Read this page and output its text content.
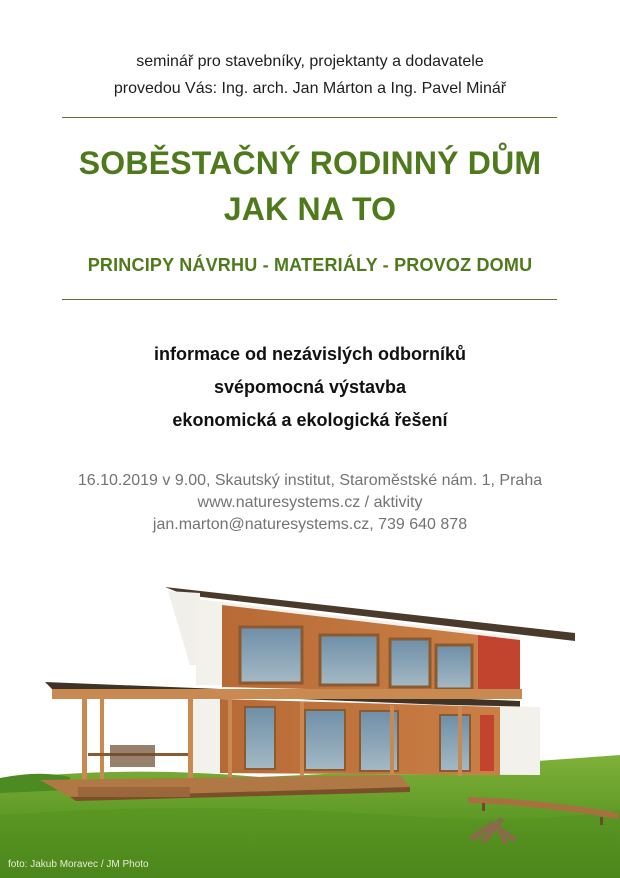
seminář pro stavebníky, projektanty a dodavatele
provedou Vás: Ing. arch. Jan Márton a Ing. Pavel Minář
SOBĚSTAČNÝ RODINNÝ DŮM
JAK NA TO
PRINCIPY NÁVRHU - MATERIÁLY - PROVOZ DOMU
informace od nezávislých odborníků
svépomocná výstavba
ekonomická a ekologická řešení
16.10.2019 v 9.00, Skautský institut, Staroměstské nám. 1, Praha
www.naturesystems.cz / aktivity
jan.marton@naturesystems.cz, 739 640 878
foto: Jakub Moravec / JM Photo
